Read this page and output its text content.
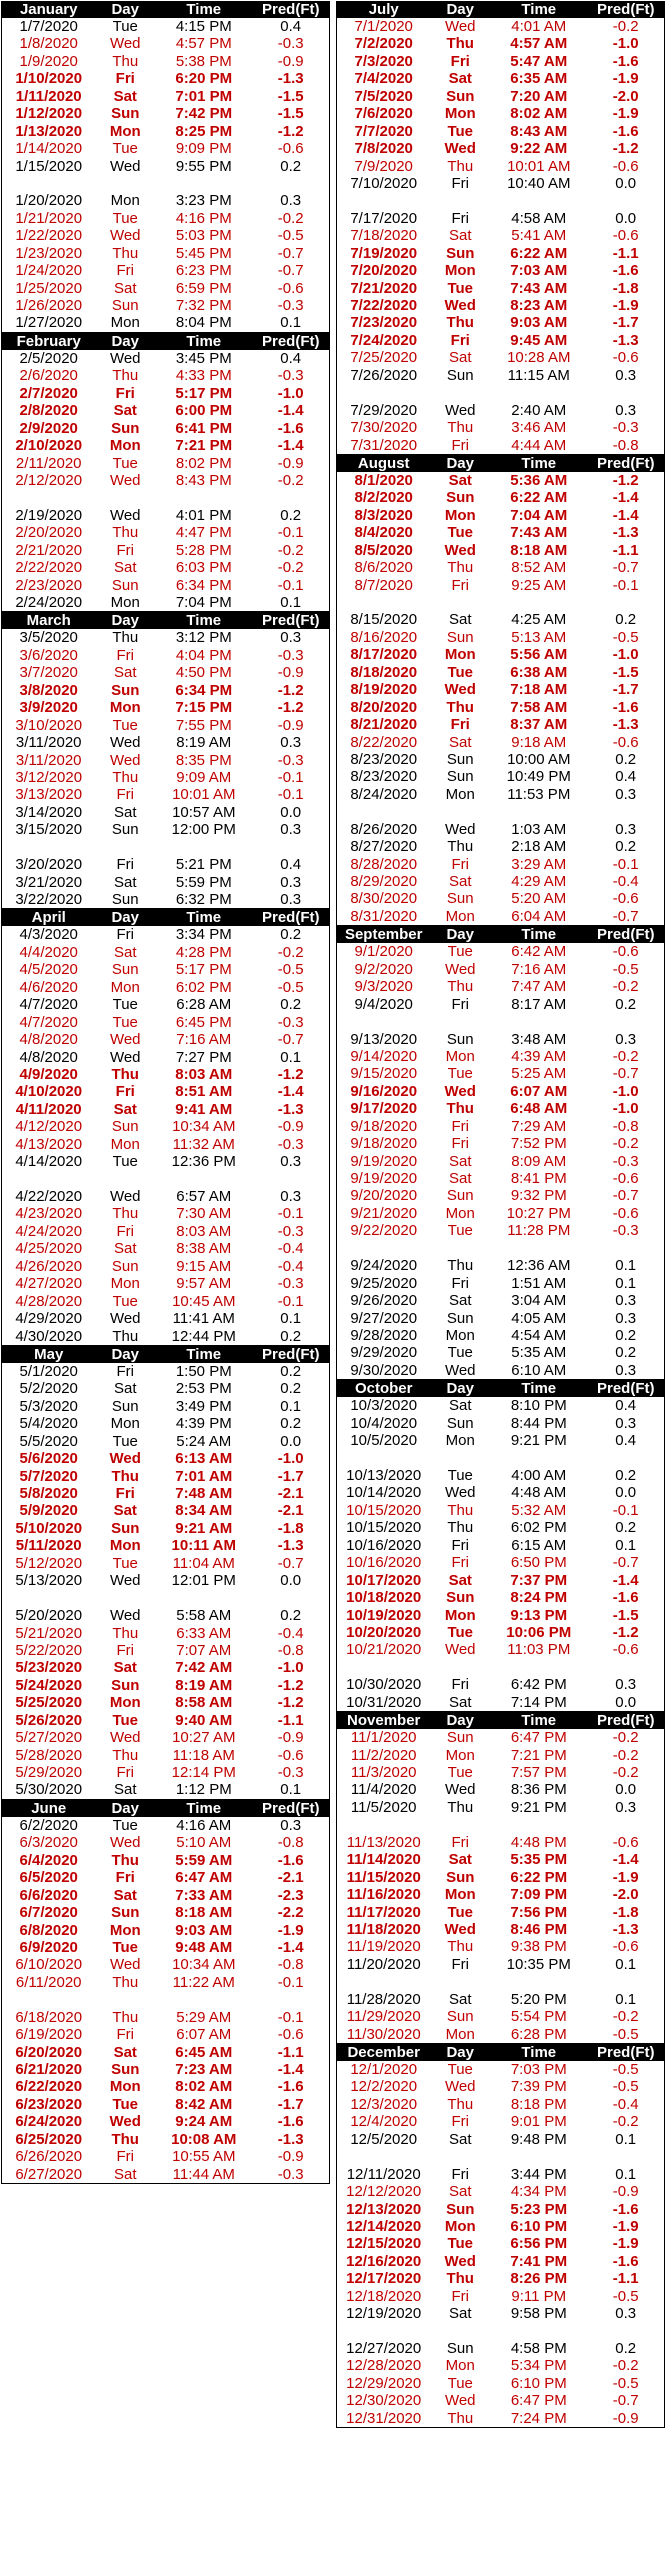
January	Day	Time	Pred(Ft)
1/7/2020	Tue	4:15 PM	0.4
1/8/2020	Wed	4:57 PM	-0.3
1/9/2020	Thu	5:38 PM	-0.9
1/10/2020	Fri	6:20 PM	-1.3
1/11/2020	Sat	7:01 PM	-1.5
1/12/2020	Sun	7:42 PM	-1.5
1/13/2020	Mon	8:25 PM	-1.2
1/14/2020	Tue	9:09 PM	-0.6
1/15/2020	Wed	9:55 PM	0.2
1/20/2020	Mon	3:23 PM	0.3
1/21/2020	Tue	4:16 PM	-0.2
1/22/2020	Wed	5:03 PM	-0.5
1/23/2020	Thu	5:45 PM	-0.7
1/24/2020	Fri	6:23 PM	-0.7
1/25/2020	Sat	6:59 PM	-0.6
1/26/2020	Sun	7:32 PM	-0.3
1/27/2020	Mon	8:04 PM	0.1
February	Day	Time	Pred(Ft)
2/5/2020	Wed	3:45 PM	0.4
2/6/2020	Thu	4:33 PM	-0.3
2/7/2020	Fri	5:17 PM	-1.0
2/8/2020	Sat	6:00 PM	-1.4
2/9/2020	Sun	6:41 PM	-1.6
2/10/2020	Mon	7:21 PM	-1.4
2/11/2020	Tue	8:02 PM	-0.9
2/12/2020	Wed	8:43 PM	-0.2
2/19/2020	Wed	4:01 PM	0.2
2/20/2020	Thu	4:47 PM	-0.1
2/21/2020	Fri	5:28 PM	-0.2
2/22/2020	Sat	6:03 PM	-0.2
2/23/2020	Sun	6:34 PM	-0.1
2/24/2020	Mon	7:04 PM	0.1
March	Day	Time	Pred(Ft)
3/5/2020	Thu	3:12 PM	0.3
3/6/2020	Fri	4:04 PM	-0.3
3/7/2020	Sat	4:50 PM	-0.9
3/8/2020	Sun	6:34 PM	-1.2
3/9/2020	Mon	7:15 PM	-1.2
3/10/2020	Tue	7:55 PM	-0.9
3/11/2020	Wed	8:19 AM	0.3
3/11/2020	Wed	8:35 PM	-0.3
3/12/2020	Thu	9:09 AM	-0.1
3/13/2020	Fri	10:01 AM	-0.1
3/14/2020	Sat	10:57 AM	0.0
3/15/2020	Sun	12:00 PM	0.3
3/20/2020	Fri	5:21 PM	0.4
3/21/2020	Sat	5:59 PM	0.3
3/22/2020	Sun	6:32 PM	0.3
April	Day	Time	Pred(Ft)
4/3/2020	Fri	3:34 PM	0.2
4/4/2020	Sat	4:28 PM	-0.2
4/5/2020	Sun	5:17 PM	-0.5
4/6/2020	Mon	6:02 PM	-0.5
4/7/2020	Tue	6:28 AM	0.2
4/7/2020	Tue	6:45 PM	-0.3
4/8/2020	Wed	7:16 AM	-0.7
4/8/2020	Wed	7:27 PM	0.1
4/9/2020	Thu	8:03 AM	-1.2
4/10/2020	Fri	8:51 AM	-1.4
4/11/2020	Sat	9:41 AM	-1.3
4/12/2020	Sun	10:34 AM	-0.9
4/13/2020	Mon	11:32 AM	-0.3
4/14/2020	Tue	12:36 PM	0.3
4/22/2020	Wed	6:57 AM	0.3
4/23/2020	Thu	7:30 AM	-0.1
4/24/2020	Fri	8:03 AM	-0.3
4/25/2020	Sat	8:38 AM	-0.4
4/26/2020	Sun	9:15 AM	-0.4
4/27/2020	Mon	9:57 AM	-0.3
4/28/2020	Tue	10:45 AM	-0.1
4/29/2020	Wed	11:41 AM	0.1
4/30/2020	Thu	12:44 PM	0.2
May	Day	Time	Pred(Ft)
5/1/2020	Fri	1:50 PM	0.2
5/2/2020	Sat	2:53 PM	0.2
5/3/2020	Sun	3:49 PM	0.1
5/4/2020	Mon	4:39 PM	0.2
5/5/2020	Tue	5:24 AM	0.0
5/6/2020	Wed	6:13 AM	-1.0
5/7/2020	Thu	7:01 AM	-1.7
5/8/2020	Fri	7:48 AM	-2.1
5/9/2020	Sat	8:34 AM	-2.1
5/10/2020	Sun	9:21 AM	-1.8
5/11/2020	Mon	10:11 AM	-1.3
5/12/2020	Tue	11:04 AM	-0.7
5/13/2020	Wed	12:01 PM	0.0
5/20/2020	Wed	5:58 AM	0.2
5/21/2020	Thu	6:33 AM	-0.4
5/22/2020	Fri	7:07 AM	-0.8
5/23/2020	Sat	7:42 AM	-1.0
5/24/2020	Sun	8:19 AM	-1.2
5/25/2020	Mon	8:58 AM	-1.2
5/26/2020	Tue	9:40 AM	-1.1
5/27/2020	Wed	10:27 AM	-0.9
5/28/2020	Thu	11:18 AM	-0.6
5/29/2020	Fri	12:14 PM	-0.3
5/30/2020	Sat	1:12 PM	0.1
June	Day	Time	Pred(Ft)
6/2/2020	Tue	4:16 AM	0.3
6/3/2020	Wed	5:10 AM	-0.8
6/4/2020	Thu	5:59 AM	-1.6
6/5/2020	Fri	6:47 AM	-2.1
6/6/2020	Sat	7:33 AM	-2.3
6/7/2020	Sun	8:18 AM	-2.2
6/8/2020	Mon	9:03 AM	-1.9
6/9/2020	Tue	9:48 AM	-1.4
6/10/2020	Wed	10:34 AM	-0.8
6/11/2020	Thu	11:22 AM	-0.1
6/18/2020	Thu	5:29 AM	-0.1
6/19/2020	Fri	6:07 AM	-0.6
6/20/2020	Sat	6:45 AM	-1.1
6/21/2020	Sun	7:23 AM	-1.4
6/22/2020	Mon	8:02 AM	-1.6
6/23/2020	Tue	8:42 AM	-1.7
6/24/2020	Wed	9:24 AM	-1.6
6/25/2020	Thu	10:08 AM	-1.3
6/26/2020	Fri	10:55 AM	-0.9
6/27/2020	Sat	11:44 AM	-0.3
July	Day	Time	Pred(Ft)
7/1/2020	Wed	4:01 AM	-0.2
7/2/2020	Thu	4:57 AM	-1.0
7/3/2020	Fri	5:47 AM	-1.6
7/4/2020	Sat	6:35 AM	-1.9
7/5/2020	Sun	7:20 AM	-2.0
7/6/2020	Mon	8:02 AM	-1.9
7/7/2020	Tue	8:43 AM	-1.6
7/8/2020	Wed	9:22 AM	-1.2
7/9/2020	Thu	10:01 AM	-0.6
7/10/2020	Fri	10:40 AM	0.0
7/17/2020	Fri	4:58 AM	0.0
7/18/2020	Sat	5:41 AM	-0.6
7/19/2020	Sun	6:22 AM	-1.1
7/20/2020	Mon	7:03 AM	-1.6
7/21/2020	Tue	7:43 AM	-1.8
7/22/2020	Wed	8:23 AM	-1.9
7/23/2020	Thu	9:03 AM	-1.7
7/24/2020	Fri	9:45 AM	-1.3
7/25/2020	Sat	10:28 AM	-0.6
7/26/2020	Sun	11:15 AM	0.3
7/29/2020	Wed	2:40 AM	0.3
7/30/2020	Thu	3:46 AM	-0.3
7/31/2020	Fri	4:44 AM	-0.8
August	Day	Time	Pred(Ft)
8/1/2020	Sat	5:36 AM	-1.2
8/2/2020	Sun	6:22 AM	-1.4
8/3/2020	Mon	7:04 AM	-1.4
8/4/2020	Tue	7:43 AM	-1.3
8/5/2020	Wed	8:18 AM	-1.1
8/6/2020	Thu	8:52 AM	-0.7
8/7/2020	Fri	9:25 AM	-0.1
8/15/2020	Sat	4:25 AM	0.2
8/16/2020	Sun	5:13 AM	-0.5
8/17/2020	Mon	5:56 AM	-1.0
8/18/2020	Tue	6:38 AM	-1.5
8/19/2020	Wed	7:18 AM	-1.7
8/20/2020	Thu	7:58 AM	-1.6
8/21/2020	Fri	8:37 AM	-1.3
8/22/2020	Sat	9:18 AM	-0.6
8/23/2020	Sun	10:00 AM	0.2
8/23/2020	Sun	10:49 PM	0.4
8/24/2020	Mon	11:53 PM	0.3
8/26/2020	Wed	1:03 AM	0.3
8/27/2020	Thu	2:18 AM	0.2
8/28/2020	Fri	3:29 AM	-0.1
8/29/2020	Sat	4:29 AM	-0.4
8/30/2020	Sun	5:20 AM	-0.6
8/31/2020	Mon	6:04 AM	-0.7
September	Day	Time	Pred(Ft)
9/1/2020	Tue	6:42 AM	-0.6
9/2/2020	Wed	7:16 AM	-0.5
9/3/2020	Thu	7:47 AM	-0.2
9/4/2020	Fri	8:17 AM	0.2
9/13/2020	Sun	3:48 AM	0.3
9/14/2020	Mon	4:39 AM	-0.2
9/15/2020	Tue	5:25 AM	-0.7
9/16/2020	Wed	6:07 AM	-1.0
9/17/2020	Thu	6:48 AM	-1.0
9/18/2020	Fri	7:29 AM	-0.8
9/18/2020	Fri	7:52 PM	-0.2
9/19/2020	Sat	8:09 AM	-0.3
9/19/2020	Sat	8:41 PM	-0.6
9/20/2020	Sun	9:32 PM	-0.7
9/21/2020	Mon	10:27 PM	-0.6
9/22/2020	Tue	11:28 PM	-0.3
9/24/2020	Thu	12:36 AM	0.1
9/25/2020	Fri	1:51 AM	0.1
9/26/2020	Sat	3:04 AM	0.3
9/27/2020	Sun	4:05 AM	0.3
9/28/2020	Mon	4:54 AM	0.2
9/29/2020	Tue	5:35 AM	0.2
9/30/2020	Wed	6:10 AM	0.3
October	Day	Time	Pred(Ft)
10/3/2020	Sat	8:10 PM	0.4
10/4/2020	Sun	8:44 PM	0.3
10/5/2020	Mon	9:21 PM	0.4
10/13/2020	Tue	4:00 AM	0.2
10/14/2020	Wed	4:48 AM	0.0
10/15/2020	Thu	5:32 AM	-0.1
10/15/2020	Thu	6:02 PM	0.2
10/16/2020	Fri	6:15 AM	0.1
10/16/2020	Fri	6:50 PM	-0.7
10/17/2020	Sat	7:37 PM	-1.4
10/18/2020	Sun	8:24 PM	-1.6
10/19/2020	Mon	9:13 PM	-1.5
10/20/2020	Tue	10:06 PM	-1.2
10/21/2020	Wed	11:03 PM	-0.6
10/30/2020	Fri	6:42 PM	0.3
10/31/2020	Sat	7:14 PM	0.0
November	Day	Time	Pred(Ft)
11/1/2020	Sun	6:47 PM	-0.2
11/2/2020	Mon	7:21 PM	-0.2
11/3/2020	Tue	7:57 PM	-0.2
11/4/2020	Wed	8:36 PM	0.0
11/5/2020	Thu	9:21 PM	0.3
11/13/2020	Fri	4:48 PM	-0.6
11/14/2020	Sat	5:35 PM	-1.4
11/15/2020	Sun	6:22 PM	-1.9
11/16/2020	Mon	7:09 PM	-2.0
11/17/2020	Tue	7:56 PM	-1.8
11/18/2020	Wed	8:46 PM	-1.3
11/19/2020	Thu	9:38 PM	-0.6
11/20/2020	Fri	10:35 PM	0.1
11/28/2020	Sat	5:20 PM	0.1
11/29/2020	Sun	5:54 PM	-0.2
11/30/2020	Mon	6:28 PM	-0.5
December	Day	Time	Pred(Ft)
12/1/2020	Tue	7:03 PM	-0.5
12/2/2020	Wed	7:39 PM	-0.5
12/3/2020	Thu	8:18 PM	-0.4
12/4/2020	Fri	9:01 PM	-0.2
12/5/2020	Sat	9:48 PM	0.1
12/11/2020	Fri	3:44 PM	0.1
12/12/2020	Sat	4:34 PM	-0.9
12/13/2020	Sun	5:23 PM	-1.6
12/14/2020	Mon	6:10 PM	-1.9
12/15/2020	Tue	6:56 PM	-1.9
12/16/2020	Wed	7:41 PM	-1.6
12/17/2020	Thu	8:26 PM	-1.1
12/18/2020	Fri	9:11 PM	-0.5
12/19/2020	Sat	9:58 PM	0.3
12/27/2020	Sun	4:58 PM	0.2
12/28/2020	Mon	5:34 PM	-0.2
12/29/2020	Tue	6:10 PM	-0.5
12/30/2020	Wed	6:47 PM	-0.7
12/31/2020	Thu	7:24 PM	-0.9
